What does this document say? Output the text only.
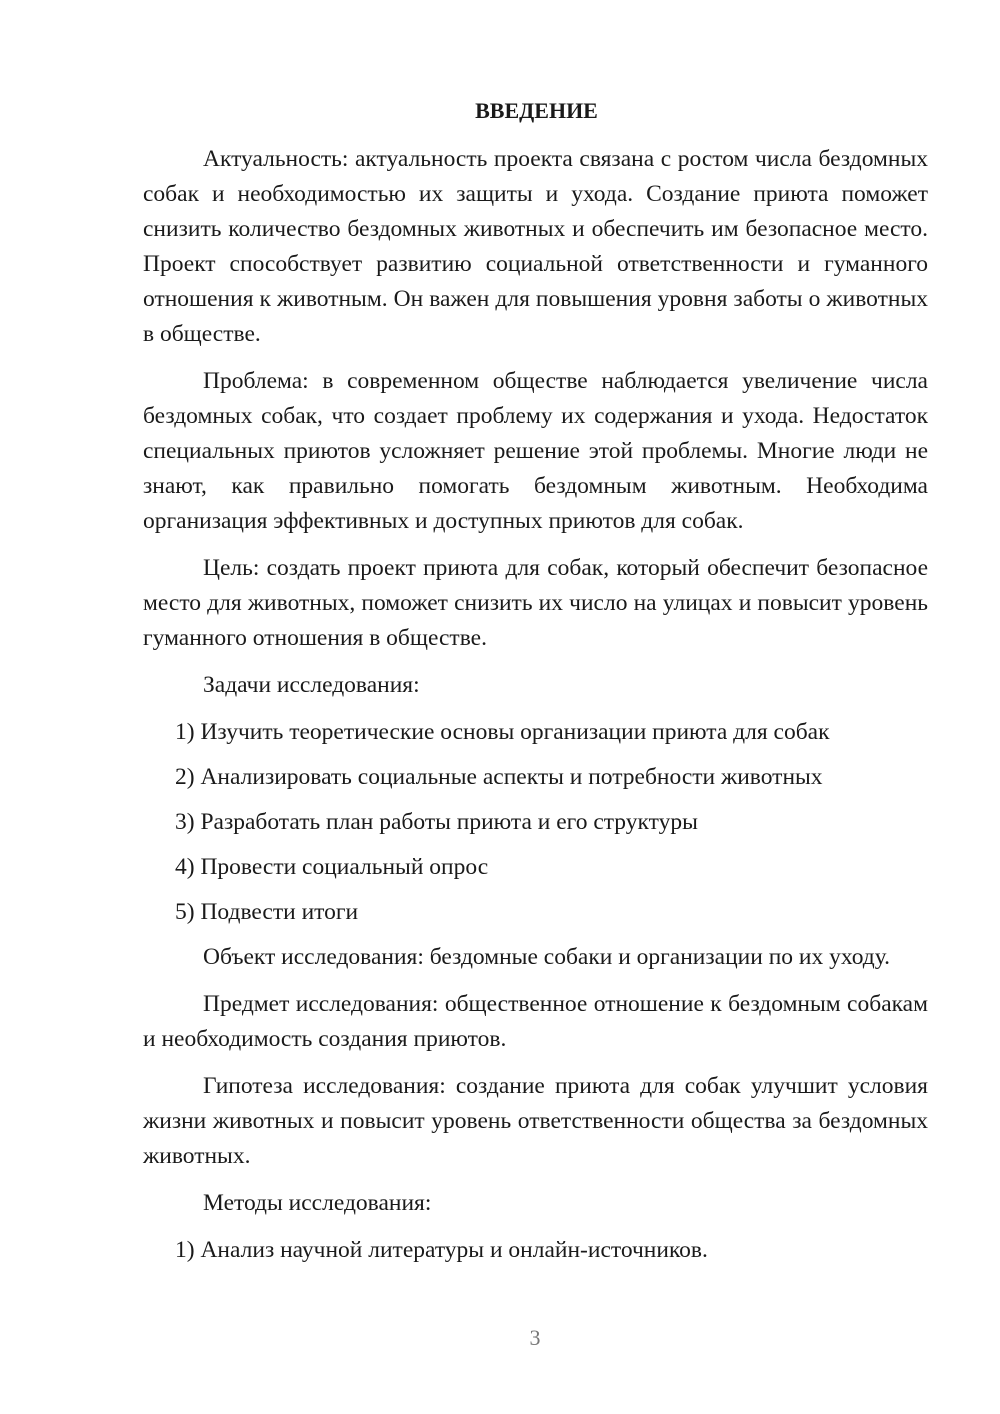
ВВЕДЕНИЕ

Актуальность: актуальность проекта связана с ростом числа бездомных собак и необходимостью их защиты и ухода. Создание приюта поможет снизить количество бездомных животных и обеспечить им безопасное место. Проект способствует развитию социальной ответственности и гуманного отношения к животным. Он важен для повышения уровня заботы о животных в обществе.

Проблема: в современном обществе наблюдается увеличение числа бездомных собак, что создает проблему их содержания и ухода. Недостаток специальных приютов усложняет решение этой проблемы. Многие люди не знают, как правильно помогать бездомным животным. Необходима организация эффективных и доступных приютов для собак.

Цель: создать проект приюта для собак, который обеспечит безопасное место для животных, поможет снизить их число на улицах и повысит уровень гуманного отношения в обществе.

Задачи исследования:

1) Изучить теоретические основы организации приюта для собак

2) Анализировать социальные аспекты и потребности животных

3) Разработать план работы приюта и его структуры

4) Провести социальный опрос

5) Подвести итоги

Объект исследования: бездомные собаки и организации по их уходу.

Предмет исследования: общественное отношение к бездомным собакам и необходимость создания приютов.

Гипотеза исследования: создание приюта для собак улучшит условия жизни животных и повысит уровень ответственности общества за бездомных животных.

Методы исследования:

1) Анализ научной литературы и онлайн-источников.

3
